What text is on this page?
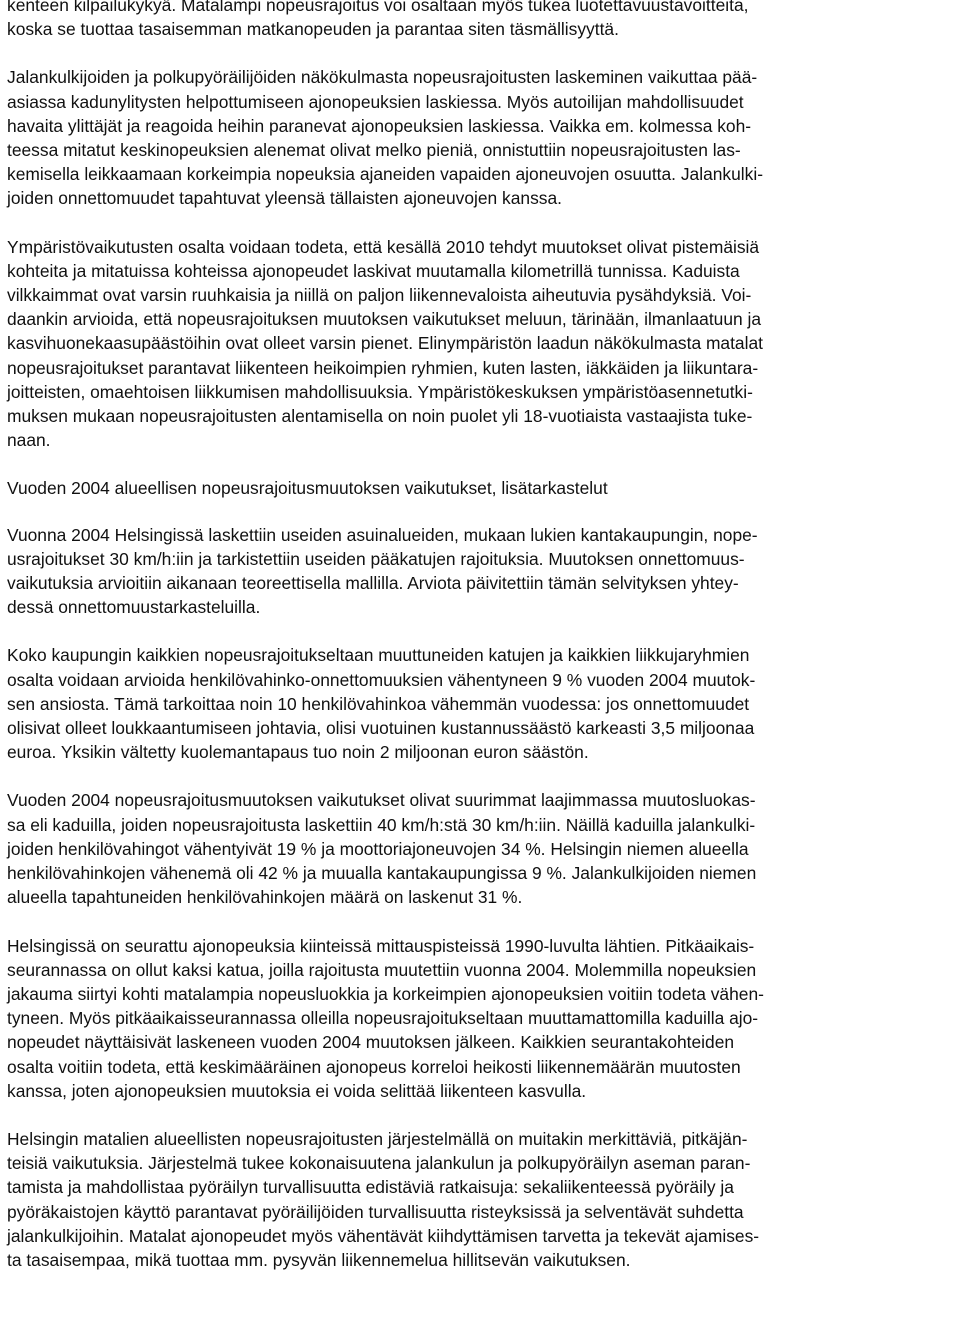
kenteen kilpailukykyä. Matalampi nopeusrajoitus voi osaltaan myös tukea luotettavuustavoitteita,
koska se tuottaa tasaisemman matkanopeuden ja parantaa siten täsmällisyyttä.

Jalankulkijoiden ja polkupyöräilijöiden näkökulmasta nopeusrajoitusten laskeminen vaikuttaa pää-
asiassa kadunylitysten helpottumiseen ajonopeuksien laskiessa. Myös autoilijan mahdollisuudet
havaita ylittäjät ja reagoida heihin paranevat ajonopeuksien laskiessa. Vaikka em. kolmessa koh-
teessa mitatut keskinopeuksien alenemat olivat melko pieniä, onnistuttiin nopeusrajoitusten las-
kemisella leikkaamaan korkeimpia nopeuksia ajaneiden vapaiden ajoneuvojen osuutta. Jalankulki-
joiden onnettomuudet tapahtuvat yleensä tällaisten ajoneuvojen kanssa.

Ympäristövaikutusten osalta voidaan todeta, että kesällä 2010 tehdyt muutokset olivat pistemäisiä
kohteita ja mitatuissa kohteissa ajonopeudet laskivat muutamalla kilometrillä tunnissa. Kaduista
vilkkaimmat ovat varsin ruuhkaisia ja niillä on paljon liikennevaloista aiheutuvia pysähdyksiä. Voi-
daankin arvioida, että nopeusrajoituksen muutoksen vaikutukset meluun, tärinään, ilmanlaatuun ja
kasvihuonekaasupäästöihin ovat olleet varsin pienet. Elinympäristön laadun näkökulmasta matalat
nopeusrajoitukset parantavat liikenteen heikoimpien ryhmien, kuten lasten, iäkkäiden ja liikuntara-
joitteisten, omaehtoisen liikkumisen mahdollisuuksia. Ympäristökeskuksen ympäristöasennetutki-
muksen mukaan nopeusrajoitusten alentamisella on noin puolet yli 18-vuotiaista vastaajista tuke-
naan.

Vuoden 2004 alueellisen nopeusrajoitusmuutoksen vaikutukset, lisätarkastelut

Vuonna 2004 Helsingissä laskettiin useiden asuinalueiden, mukaan lukien kantakaupungin, nope-
usrajoitukset 30 km/h:iin ja tarkistettiin useiden pääkatujen rajoituksia. Muutoksen onnettomuus-
vaikutuksia arvioitiin aikanaan teoreettisella mallilla. Arviota päivitettiin tämän selvityksen yhtey-
dessä onnettomuustarkasteluilla.

Koko kaupungin kaikkien nopeusrajoitukseltaan muuttuneiden katujen ja kaikkien liikkujaryhmien
osalta voidaan arvioida henkilövahinko-onnettomuuksien vähentyneen 9 % vuoden 2004 muutok-
sen ansiosta. Tämä tarkoittaa noin 10 henkilövahinkoa vähemmän vuodessa: jos onnettomuudet
olisivat olleet loukkaantumiseen johtavia, olisi vuotuinen kustannussäästö karkeasti 3,5 miljoonaa
euroa. Yksikin vältetty kuolemantapaus tuo noin 2 miljoonan euron säästön.

Vuoden 2004 nopeusrajoitusmuutoksen vaikutukset olivat suurimmat laajimmassa muutosluokas-
sa eli kaduilla, joiden nopeusrajoitusta laskettiin 40 km/h:stä 30 km/h:iin. Näillä kaduilla jalankulki-
joiden henkilövahingot vähentyivät 19 % ja moottoriajoneuvojen 34 %. Helsingin niemen alueella
henkilövahinkojen vähenemä oli 42 % ja muualla kantakaupungissa 9 %. Jalankulkijoiden niemen
alueella tapahtuneiden henkilövahinkojen määrä on laskenut 31 %.

Helsingissä on seurattu ajonopeuksia kiinteissä mittauspisteissä 1990-luvulta lähtien. Pitkäaikais-
seurannassa on ollut kaksi katua, joilla rajoitusta muutettiin vuonna 2004. Molemmilla nopeuksien
jakauma siirtyi kohti matalampia nopeusluokkia ja korkeimpien ajonopeuksien voitiin todeta vähen-
tyneen. Myös pitkäaikaisseurannassa olleilla nopeusrajoitukseltaan muuttamattomilla kaduilla ajo-
nopeudet näyttäisivät laskeneen vuoden 2004 muutoksen jälkeen. Kaikkien seurantakohteiden
osalta voitiin todeta, että keskimääräinen ajonopeus korreloi heikosti liikennemäärän muutosten
kanssa, joten ajonopeuksien muutoksia ei voida selittää liikenteen kasvulla.

Helsingin matalien alueellisten nopeusrajoitusten järjestelmällä on muitakin merkittäviä, pitkäjän-
teisiä vaikutuksia. Järjestelmä tukee kokonaisuutena jalankulun ja polkupyöräilyn aseman paran-
tamista ja mahdollistaa pyöräilyn turvallisuutta edistäviä ratkaisuja: sekaliikenteessä pyöräily ja
pyöräkaistojen käyttö parantavat pyöräilijöiden turvallisuutta risteyksissä ja selventävät suhdetta
jalankulkijoihin. Matalat ajonopeudet myös vähentävät kiihdyttämisen tarvetta ja tekevät ajamises-
ta tasaisempaa, mikä tuottaa mm. pysyvän liikennemelua hillitsevän vaikutuksen.
